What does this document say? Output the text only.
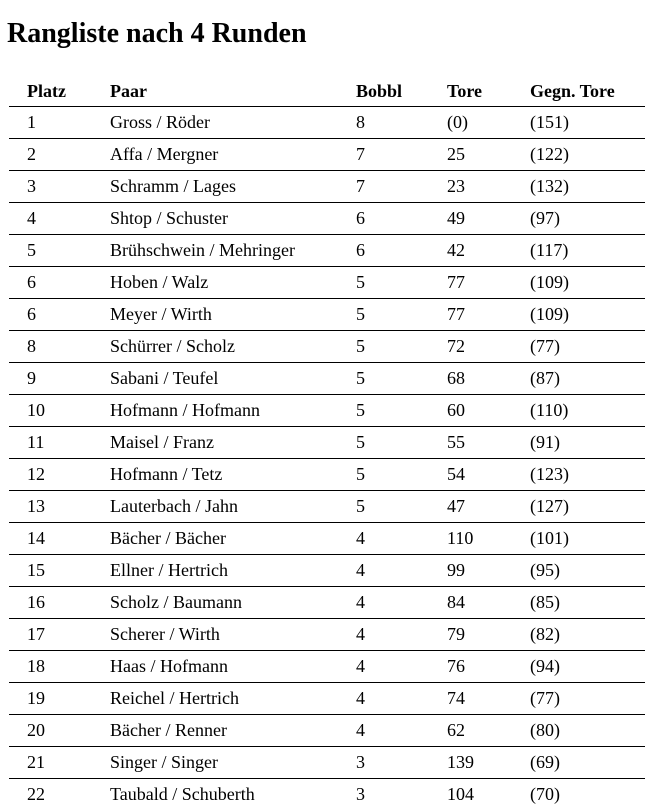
Rangliste nach 4 Runden
Platz	Paar	Bobbl	Tore	Gegn. Tore
1	Gross / Röder	8	(0)	(151)
2	Affa / Mergner	7	25	(122)
3	Schramm / Lages	7	23	(132)
4	Shtop / Schuster	6	49	(97)
5	Brühschwein / Mehringer	6	42	(117)
6	Hoben / Walz	5	77	(109)
6	Meyer / Wirth	5	77	(109)
8	Schürrer / Scholz	5	72	(77)
9	Sabani / Teufel	5	68	(87)
10	Hofmann / Hofmann	5	60	(110)
11	Maisel / Franz	5	55	(91)
12	Hofmann / Tetz	5	54	(123)
13	Lauterbach / Jahn	5	47	(127)
14	Bächer / Bächer	4	110	(101)
15	Ellner / Hertrich	4	99	(95)
16	Scholz / Baumann	4	84	(85)
17	Scherer / Wirth	4	79	(82)
18	Haas / Hofmann	4	76	(94)
19	Reichel / Hertrich	4	74	(77)
20	Bächer / Renner	4	62	(80)
21	Singer / Singer	3	139	(69)
22	Taubald / Schuberth	3	104	(70)
